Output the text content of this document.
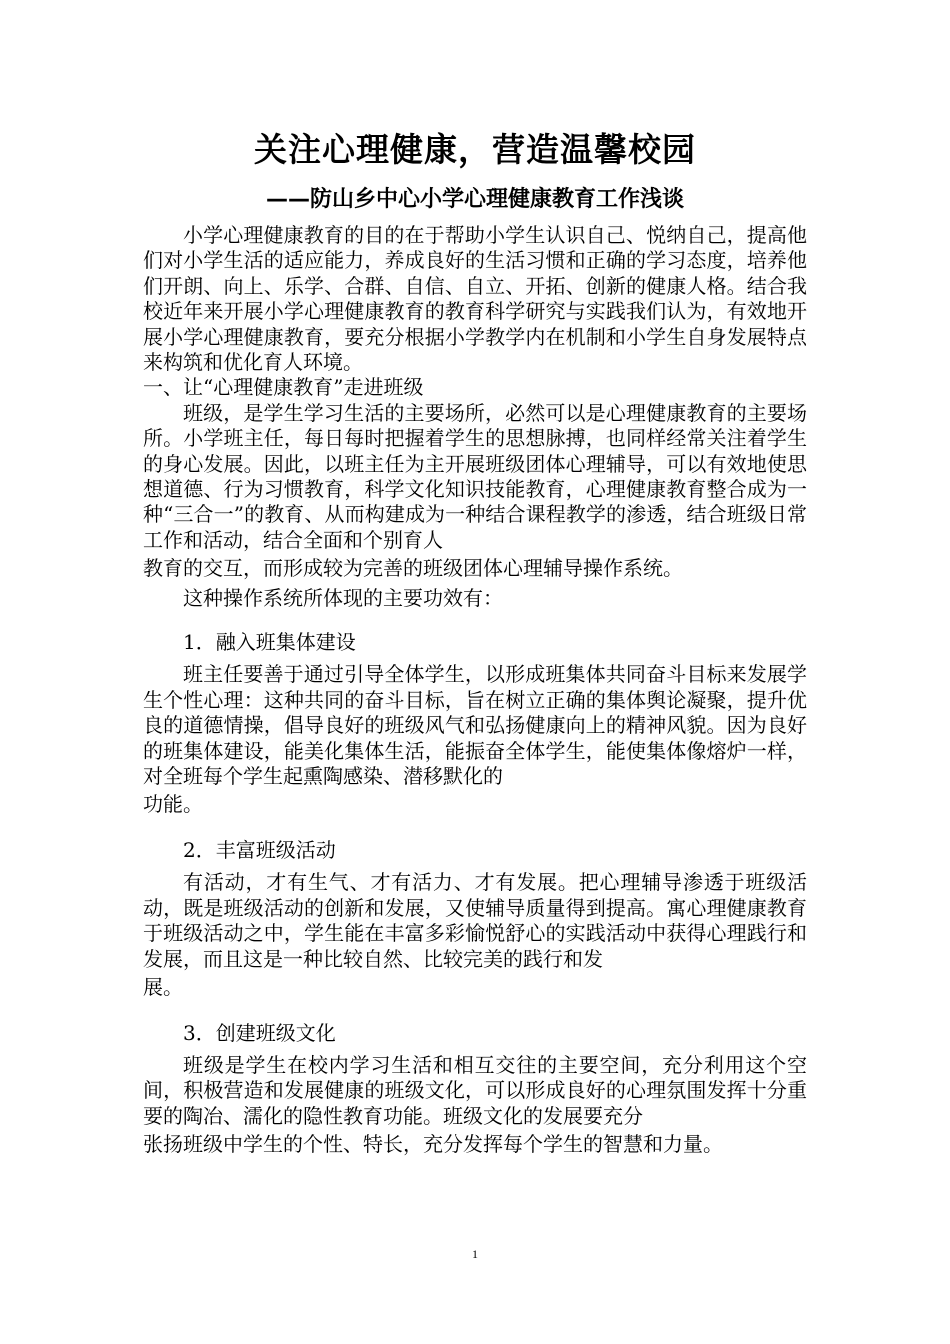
关注心理健康，营造温馨校园
——防山乡中心小学心理健康教育工作浅谈

小学心理健康教育的目的在于帮助小学生认识自己、悦纳自己，提高他们对小学生活的适应能力，养成良好的生活习惯和正确的学习态度，培养他们开朗、向上、乐学、合群、自信、自立、开拓、创新的健康人格。结合我校近年来开展小学心理健康教育的教育科学研究与实践我们认为，有效地开展小学心理健康教育，要充分根据小学教学内在机制和小学生自身发展特点来构筑和优化育人环境。

一、让“心理健康教育”走进班级

班级，是学生学习生活的主要场所，必然可以是心理健康教育的主要场所。小学班主任，每日每时把握着学生的思想脉搏，也同样经常关注着学生的身心发展。因此，以班主任为主开展班级团体心理辅导，可以有效地使思想道德、行为习惯教育，科学文化知识技能教育，心理健康教育整合成为一种“三合一”的教育、从而构建成为一种结合课程教学的渗透，结合班级日常工作和活动，结合全面和个别育人

教育的交互，而形成较为完善的班级团体心理辅导操作系统。

这种操作系统所体现的主要功效有：

1．融入班集体建设

班主任要善于通过引导全体学生，以形成班集体共同奋斗目标来发展学生个性心理：这种共同的奋斗目标，旨在树立正确的集体舆论凝聚，提升优良的道德情操，倡导良好的班级风气和弘扬健康向上的精神风貌。因为良好的班集体建设，能美化集体生活，能振奋全体学生，能使集体像熔炉一样，对全班每个学生起熏陶感染、潜移默化的

功能。

2．丰富班级活动

有活动，才有生气、才有活力、才有发展。把心理辅导渗透于班级活动，既是班级活动的创新和发展，又使辅导质量得到提高。寓心理健康教育于班级活动之中，学生能在丰富多彩愉悦舒心的实践活动中获得心理践行和发展，而且这是一种比较自然、比较完美的践行和发

展。

3．创建班级文化

班级是学生在校内学习生活和相互交往的主要空间，充分利用这个空间，积极营造和发展健康的班级文化，可以形成良好的心理氛围发挥十分重要的陶冶、濡化的隐性教育功能。班级文化的发展要充分

张扬班级中学生的个性、特长，充分发挥每个学生的智慧和力量。

1
